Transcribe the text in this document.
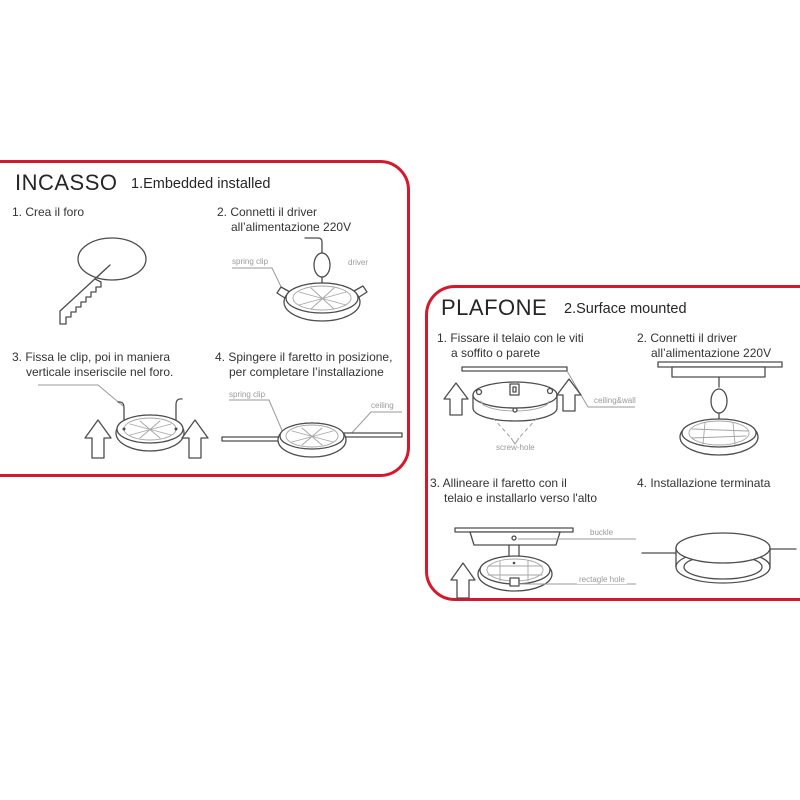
INCASSO 1.Embedded installed
1. Crea il foro	2. Connetti il driver
all’alimentazione 220V
3. Fissa le clip, poi in maniera
verticale inseriscile nel foro.
4. Spingere il faretto in posizione,
per completare l’installazione
spring clip	driver
spring clip
ceiling
PLAFONE 2.Surface mounted
1. Fissare il telaio con le viti
a soffito o parete
2. Connetti il driver
all’alimentazione 220V
3. Allineare il faretto con il
telaio e installarlo verso l'alto
4. Installazione terminata
ceiling&wall
screw-hole
buckle
rectagle hole
